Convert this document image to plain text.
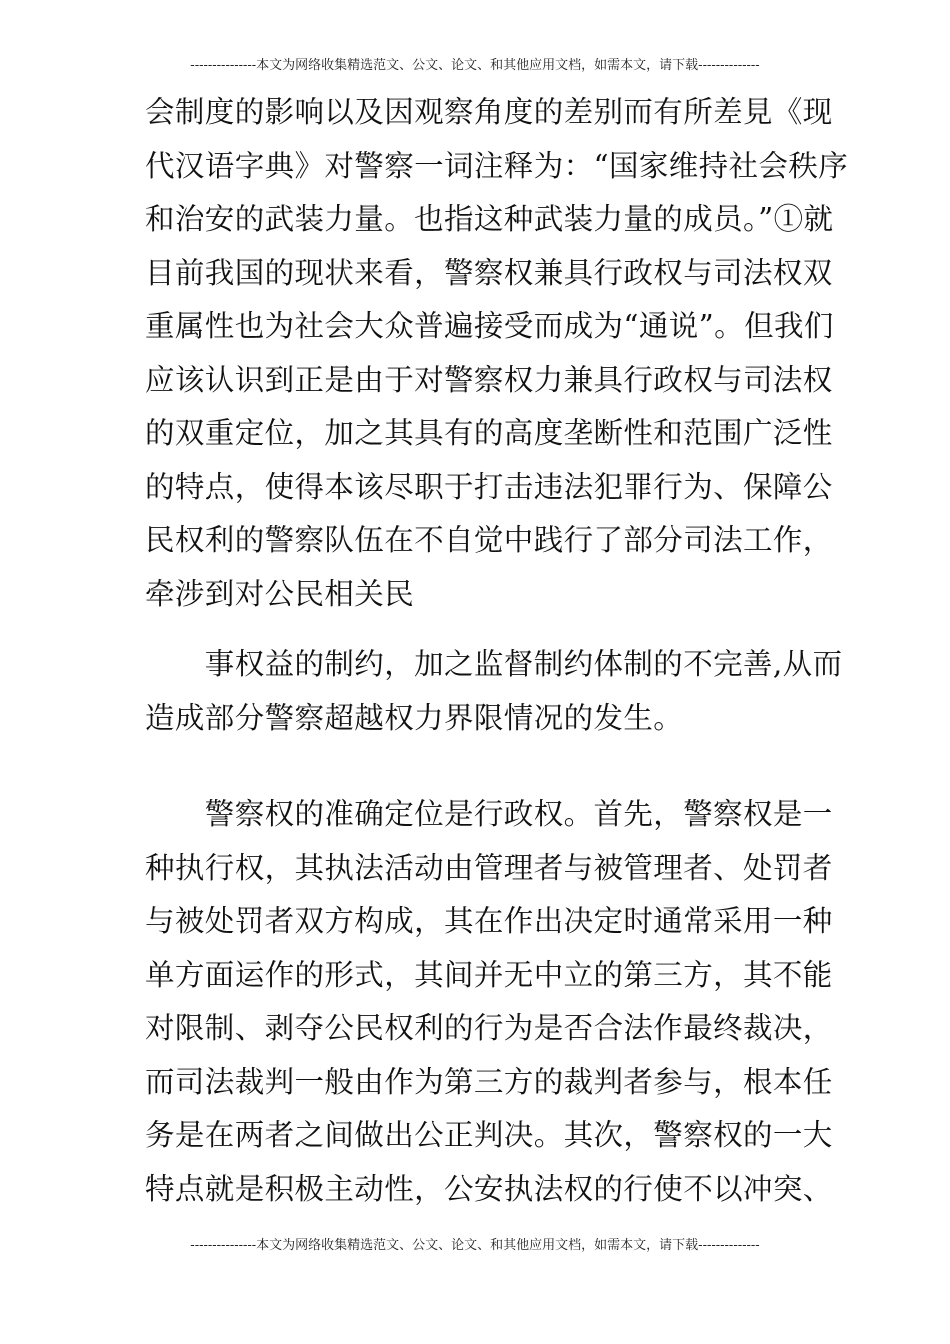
---------------本文为网络收集精选范文、公文、论文、和其他应用文档，如需本文，请下载--------------
会制度的影响以及因观察角度的差别而有所差見《现
代汉语字典》对警察一词注释为：“国家维持社会秩序
和治安的武装力量。也指这种武装力量的成员。”①就
目前我国的现状来看，警察权兼具行政权与司法权双
重属性也为社会大众普遍接受而成为“通说”。但我们
应该认识到正是由于对警察权力兼具行政权与司法权
的双重定位，加之其具有的高度垄断性和范围广泛性
的特点，使得本该尽职于打击违法犯罪行为、保障公
民权利的警察队伍在不自觉中践行了部分司法工作，
牵涉到对公民相关民
　　事权益的制约，加之监督制约体制的不完善,从而
造成部分警察超越权力界限情况的发生。
　　警察权的准确定位是行政权。首先，警察权是一
种执行权，其执法活动由管理者与被管理者、处罚者
与被处罚者双方构成，其在作出决定时通常采用一种
单方面运作的形式，其间并无中立的第三方，其不能
对限制、剥夺公民权利的行为是否合法作最终裁决，
而司法裁判一般由作为第三方的裁判者参与，根本任
务是在两者之间做出公正判决。其次，警察权的一大
特点就是积极主动性，公安执法权的行使不以冲突、
---------------本文为网络收集精选范文、公文、论文、和其他应用文档，如需本文，请下载--------------
